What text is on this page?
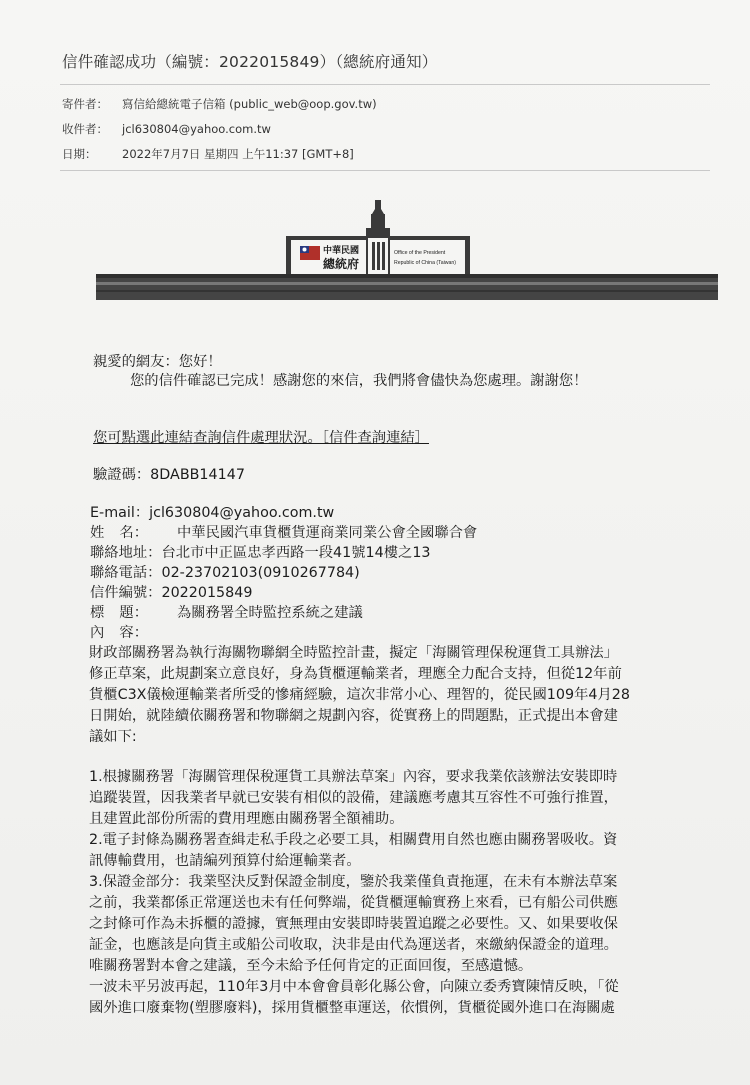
信件確認成功（編號：2022015849）（總統府通知）
寄件者： 寫信給總統電子信箱 (public_web@oop.gov.tw)
收件者： jcl630804@yahoo.com.tw
日期： 2022年7月7日 星期四 上午11:37 [GMT+8]
中華民國
總統府
Office of the President
Republic of China (Taiwan)
親愛的網友：您好！
您的信件確認已完成！感謝您的來信，我們將會儘快為您處理。謝謝您！
您可點選此連結查詢信件處理狀況。［信件查詢連結］
驗證碼：8DABB14147
E-mail：jcl630804@yahoo.com.tw
姓 名： 中華民國汽車貨櫃貨運商業同業公會全國聯合會
聯絡地址：台北市中正區忠孝西路一段41號14樓之13
聯絡電話：02-23702103(0910267784)
信件編號：2022015849
標 題： 為關務署全時監控系統之建議
內 容：
財政部關務署為執行海關物聯網全時監控計畫，擬定「海關管理保稅運貨工具辦法」
修正草案，此規劃案立意良好，身為貨櫃運輸業者，理應全力配合支持，但從12年前
貨櫃C3X儀檢運輸業者所受的慘痛經驗，這次非常小心、理智的，從民國109年4月28
日開始，就陸續依關務署和物聯網之規劃內容，從實務上的問題點，正式提出本會建
議如下:
1.根據關務署「海關管理保稅運貨工具辦法草案」內容，要求我業依該辦法安裝即時
追蹤裝置，因我業者早就已安裝有相似的設備，建議應考慮其互容性不可強行推置，
且建置此部份所需的費用理應由關務署全額補助。
2.電子封條為關務署查緝走私手段之必要工具，相關費用自然也應由關務署吸收。資
訊傳輸費用，也請編列預算付給運輸業者。
3.保證金部分：我業堅決反對保證金制度，鑒於我業僅負責拖運，在未有本辦法草案
之前，我業都係正常運送也未有任何弊端，從貨櫃運輸實務上來看，已有船公司供應
之封條可作為未拆櫃的證據，實無理由安裝即時裝置追蹤之必要性。又、如果要收保
証金，也應該是向貨主或船公司收取，決非是由代為運送者，來繳納保證金的道理。
唯關務署對本會之建議，至今未給予任何肯定的正面回復，至感遺憾。
一波未平另波再起，110年3月中本會會員彰化縣公會，向陳立委秀寶陳情反映，「從
國外進口廢棄物(塑膠廢料)，採用貨櫃整車運送，依慣例，貨櫃從國外進口在海關處
